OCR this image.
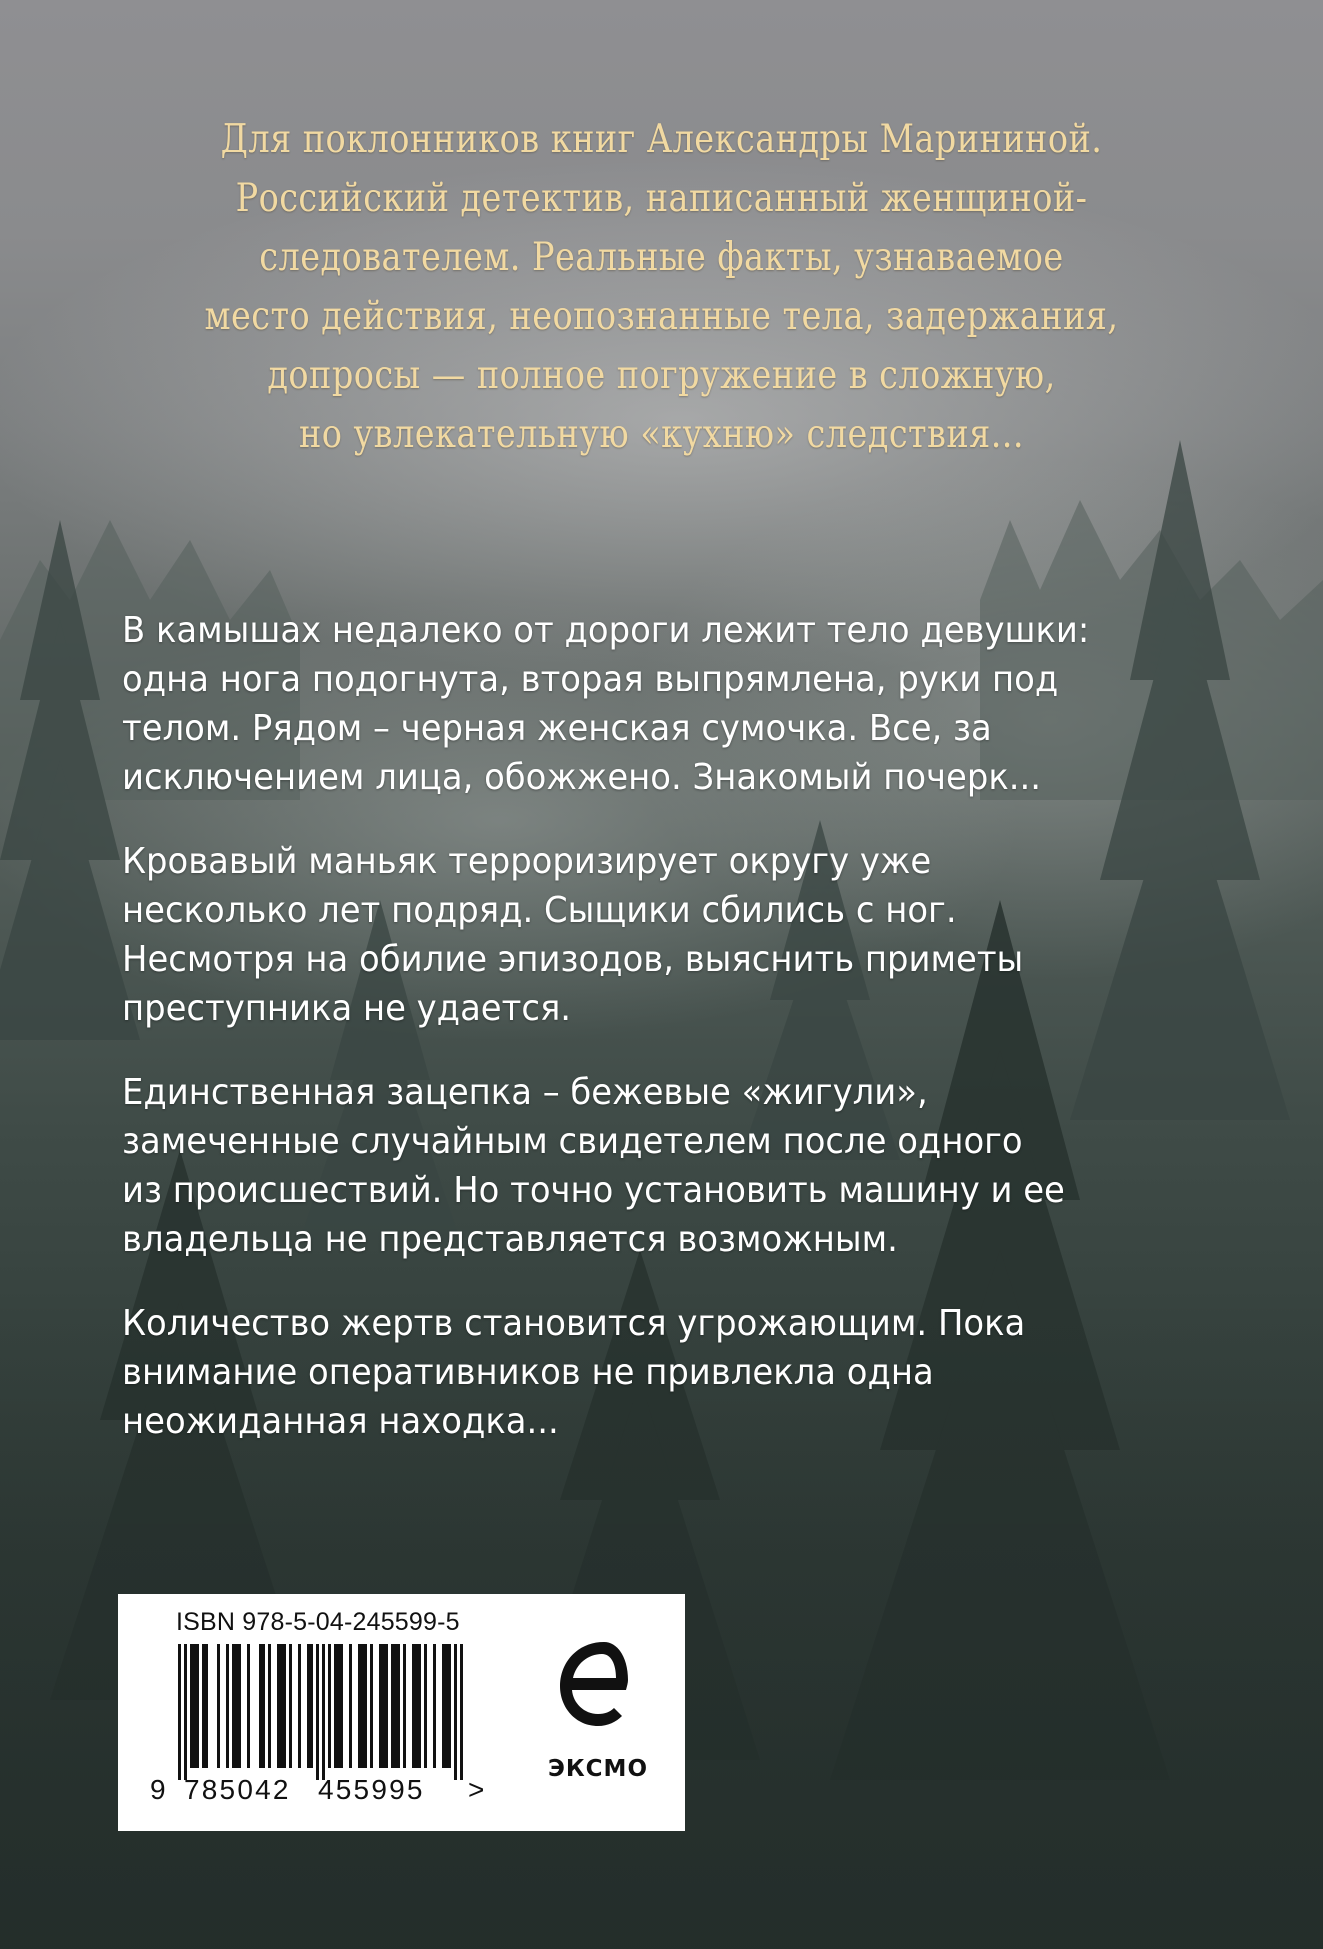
Для поклонников книг Александры Марининой.
Российский детектив, написанный женщиной-
следователем. Реальные факты, узнаваемое
место действия, неопознанные тела, задержания,
допросы — полное погружение в сложную,
но увлекательную «кухню» следствия...

В камышах недалеко от дороги лежит тело девушки:
одна нога подогнута, вторая выпрямлена, руки под
телом. Рядом – черная женская сумочка. Все, за
исключением лица, обожжено. Знакомый почерк...

Кровавый маньяк терроризирует округу уже
несколько лет подряд. Сыщики сбились с ног.
Несмотря на обилие эпизодов, выяснить приметы
преступника не удается.

Единственная зацепка – бежевые «жигули»,
замеченные случайным свидетелем после одного
из происшествий. Но точно установить машину и ее
владельца не представляется возможным.

Количество жертв становится угрожающим. Пока
внимание оперативников не привлекла одна
неожиданная находка...

ISBN 978-5-04-245599-5
9 785042 455995 >
ЭКСМО
